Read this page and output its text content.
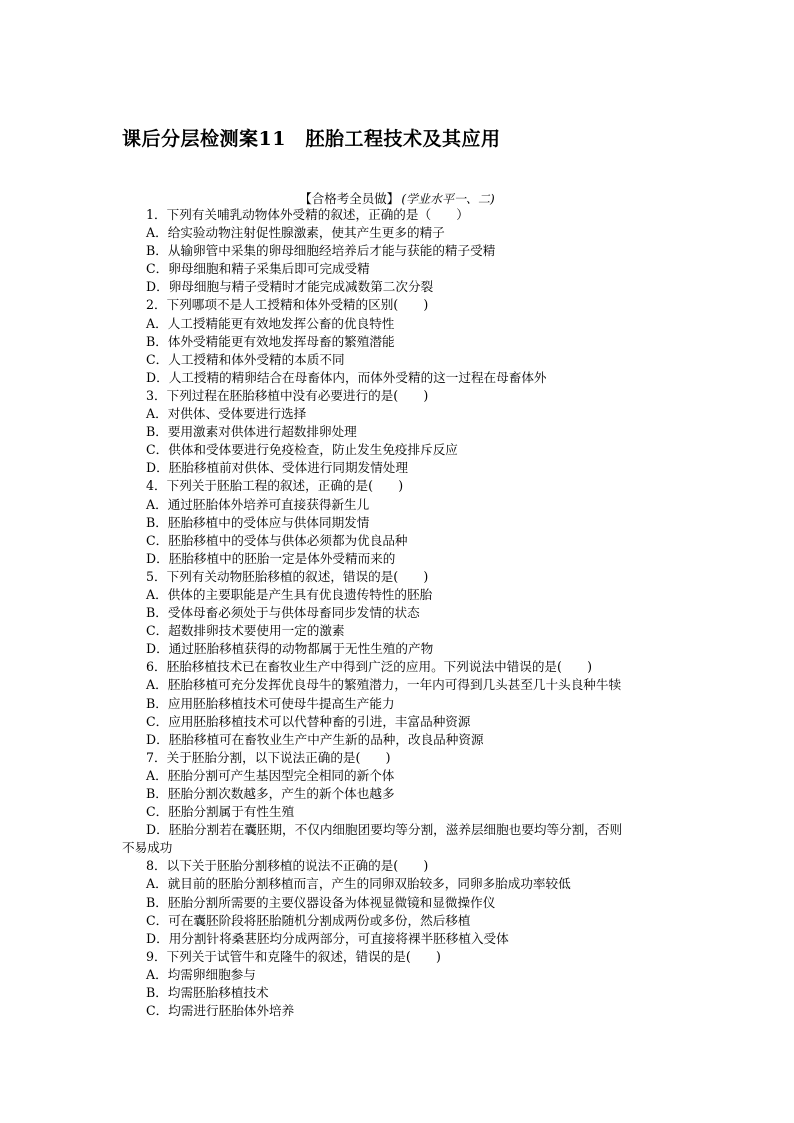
课后分层检测案11　胚胎工程技术及其应用
【合格考全员做】 (学业水平一、二)
1．下列有关哺乳动物体外受精的叙述，正确的是（　　）
A．给实验动物注射促性腺激素，使其产生更多的精子
B．从输卵管中采集的卵母细胞经培养后才能与获能的精子受精
C．卵母细胞和精子采集后即可完成受精
D．卵母细胞与精子受精时才能完成减数第二次分裂
2．下列哪项不是人工授精和体外受精的区别(　　)
A．人工授精能更有效地发挥公畜的优良特性
B．体外受精能更有效地发挥母畜的繁殖潜能
C．人工授精和体外受精的本质不同
D．人工授精的精卵结合在母畜体内，而体外受精的这一过程在母畜体外
3．下列过程在胚胎移植中没有必要进行的是(　　)
A．对供体、受体要进行选择
B．要用激素对供体进行超数排卵处理
C．供体和受体要进行免疫检查，防止发生免疫排斥反应
D．胚胎移植前对供体、受体进行同期发情处理
4．下列关于胚胎工程的叙述，正确的是(　　)
A．通过胚胎体外培养可直接获得新生儿
B．胚胎移植中的受体应与供体同期发情
C．胚胎移植中的受体与供体必须都为优良品种
D．胚胎移植中的胚胎一定是体外受精而来的
5．下列有关动物胚胎移植的叙述，错误的是(　　)
A．供体的主要职能是产生具有优良遗传特性的胚胎
B．受体母畜必须处于与供体母畜同步发情的状态
C．超数排卵技术要使用一定的激素
D．通过胚胎移植获得的动物都属于无性生殖的产物
6．胚胎移植技术已在畜牧业生产中得到广泛的应用。下列说法中错误的是(　　)
A．胚胎移植可充分发挥优良母牛的繁殖潜力，一年内可得到几头甚至几十头良种牛犊
B．应用胚胎移植技术可使母牛提高生产能力
C．应用胚胎移植技术可以代替种畜的引进，丰富品种资源
D．胚胎移植可在畜牧业生产中产生新的品种，改良品种资源
7．关于胚胎分割，以下说法正确的是(　　)
A．胚胎分割可产生基因型完全相同的新个体
B．胚胎分割次数越多，产生的新个体也越多
C．胚胎分割属于有性生殖
D．胚胎分割若在囊胚期，不仅内细胞团要均等分割，滋养层细胞也要均等分割，否则
不易成功
8．以下关于胚胎分割移植的说法不正确的是(　　)
A．就目前的胚胎分割移植而言，产生的同卵双胎较多，同卵多胎成功率较低
B．胚胎分割所需要的主要仪器设备为体视显微镜和显微操作仪
C．可在囊胚阶段将胚胎随机分割成两份或多份，然后移植
D．用分割针将桑葚胚均分成两部分，可直接将裸半胚移植入受体
9．下列关于试管牛和克隆牛的叙述，错误的是(　　)
A．均需卵细胞参与
B．均需胚胎移植技术
C．均需进行胚胎体外培养
